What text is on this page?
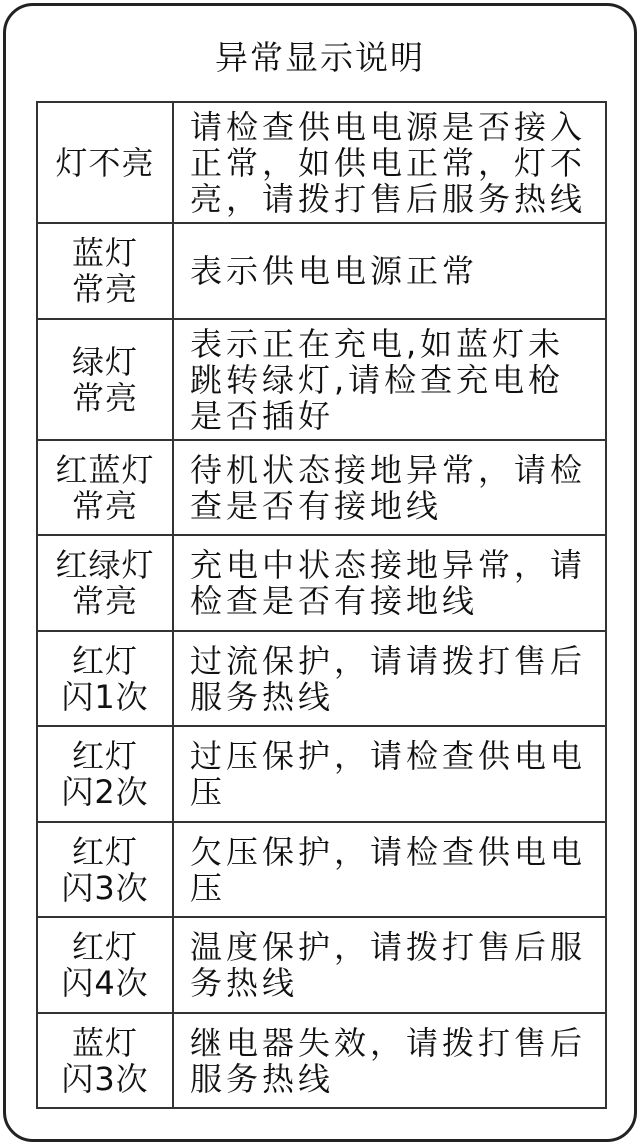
异常显示说明
灯不亮	请检查供电电源是否接入正常，如供电正常，灯不亮，请拨打售后服务热线

蓝灯
常亮	表示供电电源正常

绿灯
常亮	表示正在充电,如蓝灯未跳转绿灯,请检查充电枪是否插好

红蓝灯
常亮	待机状态接地异常，请检查是否有接地线

红绿灯
常亮	充电中状态接地异常，请检查是否有接地线

红灯
闪1次	过流保护，请请拨打售后服务热线

红灯
闪2次	过压保护，请检查供电电压

红灯
闪3次	欠压保护，请检查供电电压

红灯
闪4次	温度保护，请拨打售后服务热线

蓝灯
闪3次	继电器失效，请拨打售后服务热线
